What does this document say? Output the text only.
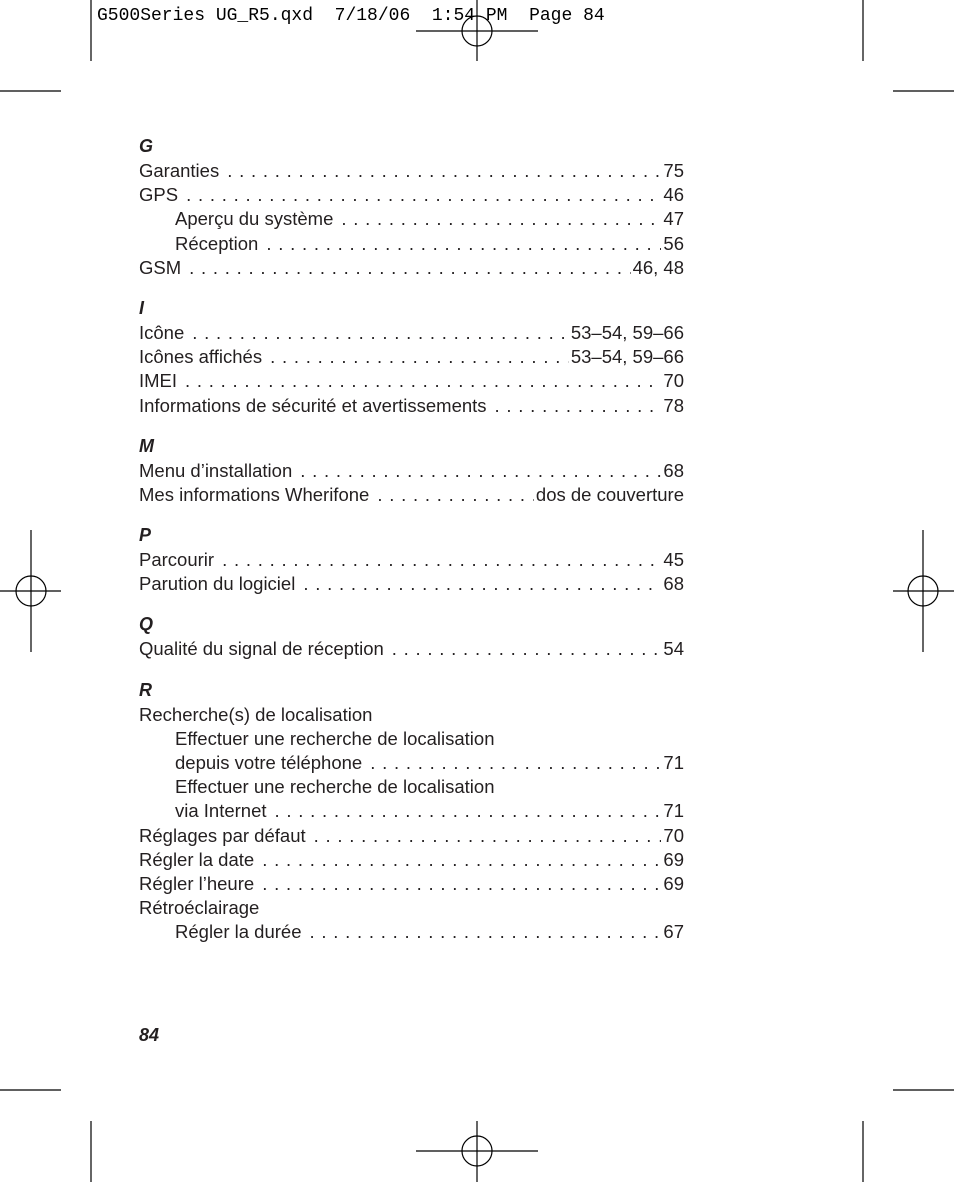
G500Series UG_R5.qxd  7/18/06  1:54 PM  Page 84
G
Garanties . . .	75
GPS . . .	46
Aperçu du système . . .	47
Réception . . .	56
GSM . . .	46, 48
I
Icône . . .	53–54, 59–66
Icônes affichés . . .	53–54, 59–66
IMEI . . .	70
Informations de sécurité et avertissements . . .	78
M
Menu d’installation . . .	68
Mes informations Wherifone . . .	dos de couverture
P
Parcourir . . .	45
Parution du logiciel . . .	68
Q
Qualité du signal de réception . . .	54
R
Recherche(s) de localisation
Effectuer une recherche de localisation
depuis votre téléphone . . .	71
Effectuer une recherche de localisation
via Internet . . .	71
Réglages par défaut . . .	70
Régler la date . . .	69
Régler l’heure . . .	69
Rétroéclairage
Régler la durée . . .	67
84
